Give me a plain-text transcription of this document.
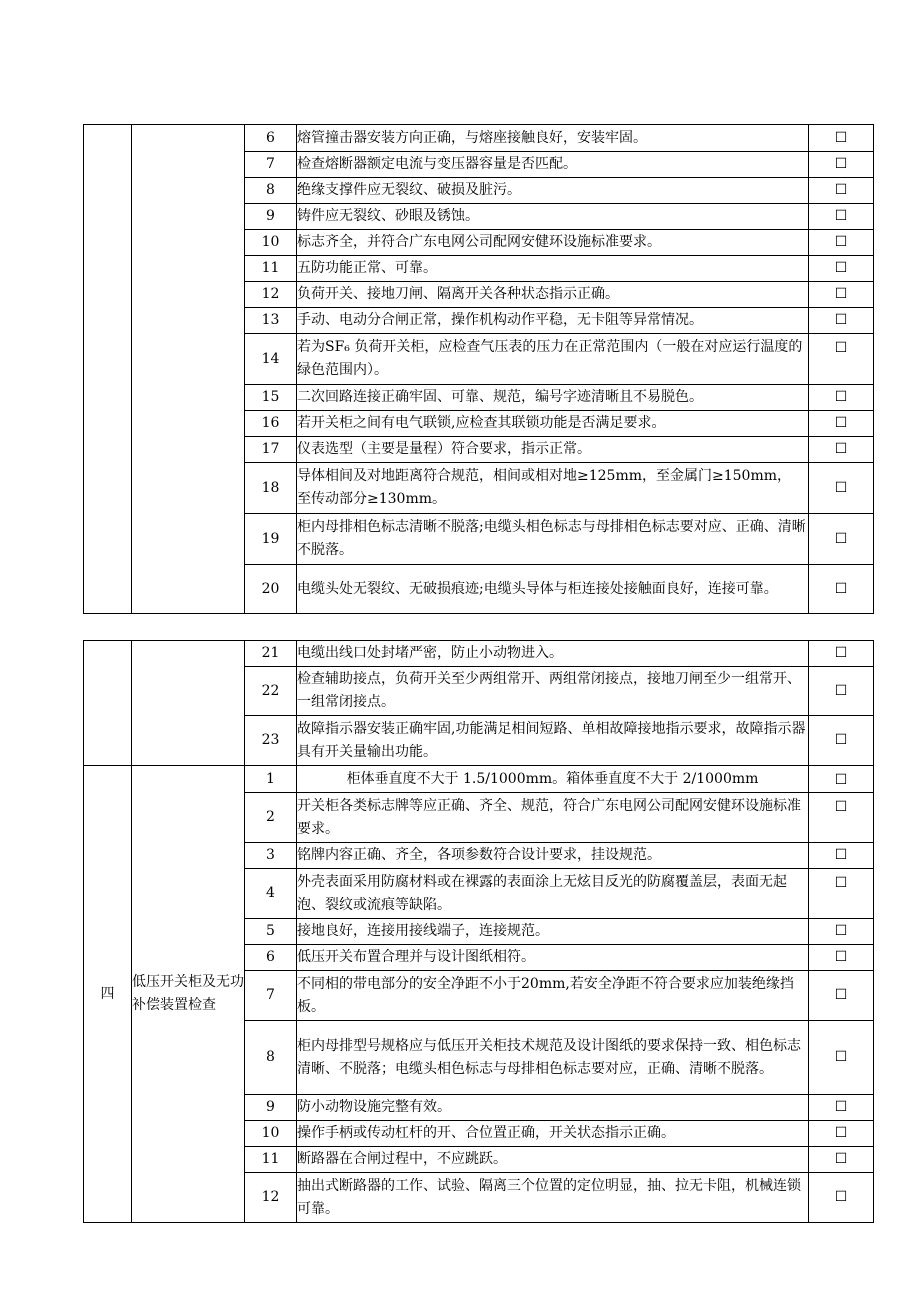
		6	熔管撞击器安装方向正确，与熔座接触良好，安装牢固。	☐
		7	检查熔断器额定电流与变压器容量是否匹配。	☐
		8	绝缘支撑件应无裂纹、破损及脏污。	☐
		9	铸件应无裂纹、砂眼及锈蚀。	☐
		10	标志齐全，并符合广东电网公司配网安健环设施标准要求。	☐
		11	五防功能正常、可靠。	☐
		12	负荷开关、接地刀闸、隔离开关各种状态指示正确。	☐
		13	手动、电动分合闸正常，操作机构动作平稳，无卡阻等异常情况。	☐
		14	若为SF₆ 负荷开关柜，应检查气压表的压力在正常范围内（一般在对应运行温度的绿色范围内）。	☐
		15	二次回路连接正确牢固、可靠、规范，编号字迹清晰且不易脱色。	☐
		16	若开关柜之间有电气联锁,应检查其联锁功能是否满足要求。	☐
		17	仪表选型（主要是量程）符合要求，指示正常。	☐
		18	导体相间及对地距离符合规范，相间或相对地≥125mm，至金属门≥150mm， 至传动部分≥130mm。	☐
		19	柜内母排相色标志清晰不脱落;电缆头相色标志与母排相色标志要对应、正确、清晰不脱落。	☐
		20	电缆头处无裂纹、无破损痕迹;电缆头导体与柜连接处接触面良好，连接可靠。	☐
		21	电缆出线口处封堵严密，防止小动物进入。	☐
		22	检查辅助接点，负荷开关至少两组常开、两组常闭接点，接地刀闸至少一组常开、一组常闭接点。	☐
		23	故障指示器安装正确牢固,功能满足相间短路、单相故障接地指示要求，故障指示器具有开关量输出功能。	☐
四	低压开关柜及无功补偿装置检查	1	柜体垂直度不大于 1.5/1000mm。箱体垂直度不大于 2/1000mm	☐
		2	开关柜各类标志牌等应正确、齐全、规范，符合广东电网公司配网安健环设施标准要求。	☐
		3	铭牌内容正确、齐全，各项参数符合设计要求，挂设规范。	☐
		4	外壳表面采用防腐材料或在裸露的表面涂上无炫目反光的防腐覆盖层，表面无起泡、裂纹或流痕等缺陷。	☐
		5	接地良好，连接用接线端子，连接规范。	☐
		6	低压开关布置合理并与设计图纸相符。	☐
		7	不同相的带电部分的安全净距不小于20mm,若安全净距不符合要求应加装绝缘挡板。	☐
		8	柜内母排型号规格应与低压开关柜技术规范及设计图纸的要求保持一致、相色标志清晰、不脱落；电缆头相色标志与母排相色标志要对应，正确、清晰不脱落。	☐
		9	防小动物设施完整有效。	☐
		10	操作手柄或传动杠杆的开、合位置正确，开关状态指示正确。	☐
		11	断路器在合闸过程中，不应跳跃。	☐
		12	抽出式断路器的工作、试验、隔离三个位置的定位明显，抽、拉无卡阻，机械连锁可靠。	☐
